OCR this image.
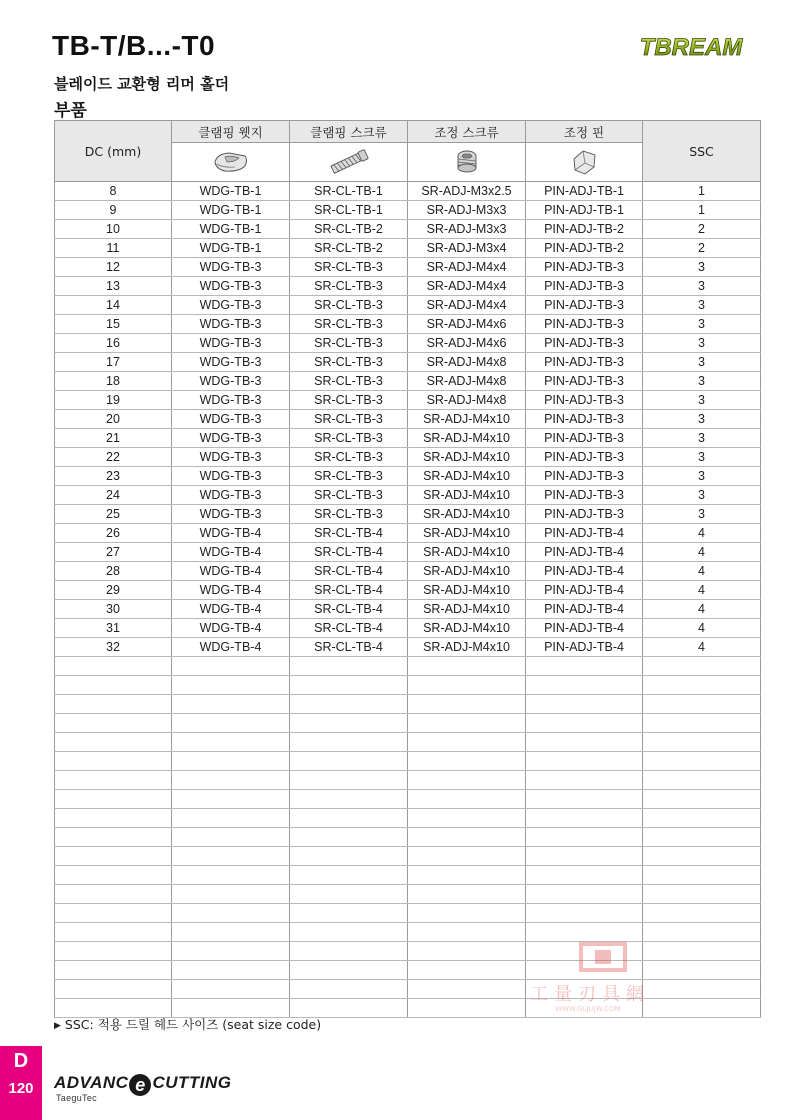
TB-T/B...-T0	TBREAM
블레이드 교환형 리머 홀더
부품
DC (mm)	클램핑 웻지	클램핑 스크류	조정 스크류	조정 핀	SSC

8	WDG-TB-1	SR-CL-TB-1	SR-ADJ-M3x2.5	PIN-ADJ-TB-1	1
9	WDG-TB-1	SR-CL-TB-1	SR-ADJ-M3x3	PIN-ADJ-TB-1	1
10	WDG-TB-1	SR-CL-TB-2	SR-ADJ-M3x3	PIN-ADJ-TB-2	2
11	WDG-TB-1	SR-CL-TB-2	SR-ADJ-M3x4	PIN-ADJ-TB-2	2
12	WDG-TB-3	SR-CL-TB-3	SR-ADJ-M4x4	PIN-ADJ-TB-3	3
13	WDG-TB-3	SR-CL-TB-3	SR-ADJ-M4x4	PIN-ADJ-TB-3	3
14	WDG-TB-3	SR-CL-TB-3	SR-ADJ-M4x4	PIN-ADJ-TB-3	3
15	WDG-TB-3	SR-CL-TB-3	SR-ADJ-M4x6	PIN-ADJ-TB-3	3
16	WDG-TB-3	SR-CL-TB-3	SR-ADJ-M4x6	PIN-ADJ-TB-3	3
17	WDG-TB-3	SR-CL-TB-3	SR-ADJ-M4x8	PIN-ADJ-TB-3	3
18	WDG-TB-3	SR-CL-TB-3	SR-ADJ-M4x8	PIN-ADJ-TB-3	3
19	WDG-TB-3	SR-CL-TB-3	SR-ADJ-M4x8	PIN-ADJ-TB-3	3
20	WDG-TB-3	SR-CL-TB-3	SR-ADJ-M4x10	PIN-ADJ-TB-3	3
21	WDG-TB-3	SR-CL-TB-3	SR-ADJ-M4x10	PIN-ADJ-TB-3	3
22	WDG-TB-3	SR-CL-TB-3	SR-ADJ-M4x10	PIN-ADJ-TB-3	3
23	WDG-TB-3	SR-CL-TB-3	SR-ADJ-M4x10	PIN-ADJ-TB-3	3
24	WDG-TB-3	SR-CL-TB-3	SR-ADJ-M4x10	PIN-ADJ-TB-3	3
25	WDG-TB-3	SR-CL-TB-3	SR-ADJ-M4x10	PIN-ADJ-TB-3	3
26	WDG-TB-4	SR-CL-TB-4	SR-ADJ-M4x10	PIN-ADJ-TB-4	4
27	WDG-TB-4	SR-CL-TB-4	SR-ADJ-M4x10	PIN-ADJ-TB-4	4
28	WDG-TB-4	SR-CL-TB-4	SR-ADJ-M4x10	PIN-ADJ-TB-4	4
29	WDG-TB-4	SR-CL-TB-4	SR-ADJ-M4x10	PIN-ADJ-TB-4	4
30	WDG-TB-4	SR-CL-TB-4	SR-ADJ-M4x10	PIN-ADJ-TB-4	4
31	WDG-TB-4	SR-CL-TB-4	SR-ADJ-M4x10	PIN-ADJ-TB-4	4
32	WDG-TB-4	SR-CL-TB-4	SR-ADJ-M4x10	PIN-ADJ-TB-4	4

工量刃具網
WWW.GLJUJW.COM
▶ SSC: 적용 드릴 헤드 사이즈 (seat size code)
D
120	ADVANC e CUTTING
TaeguTec
